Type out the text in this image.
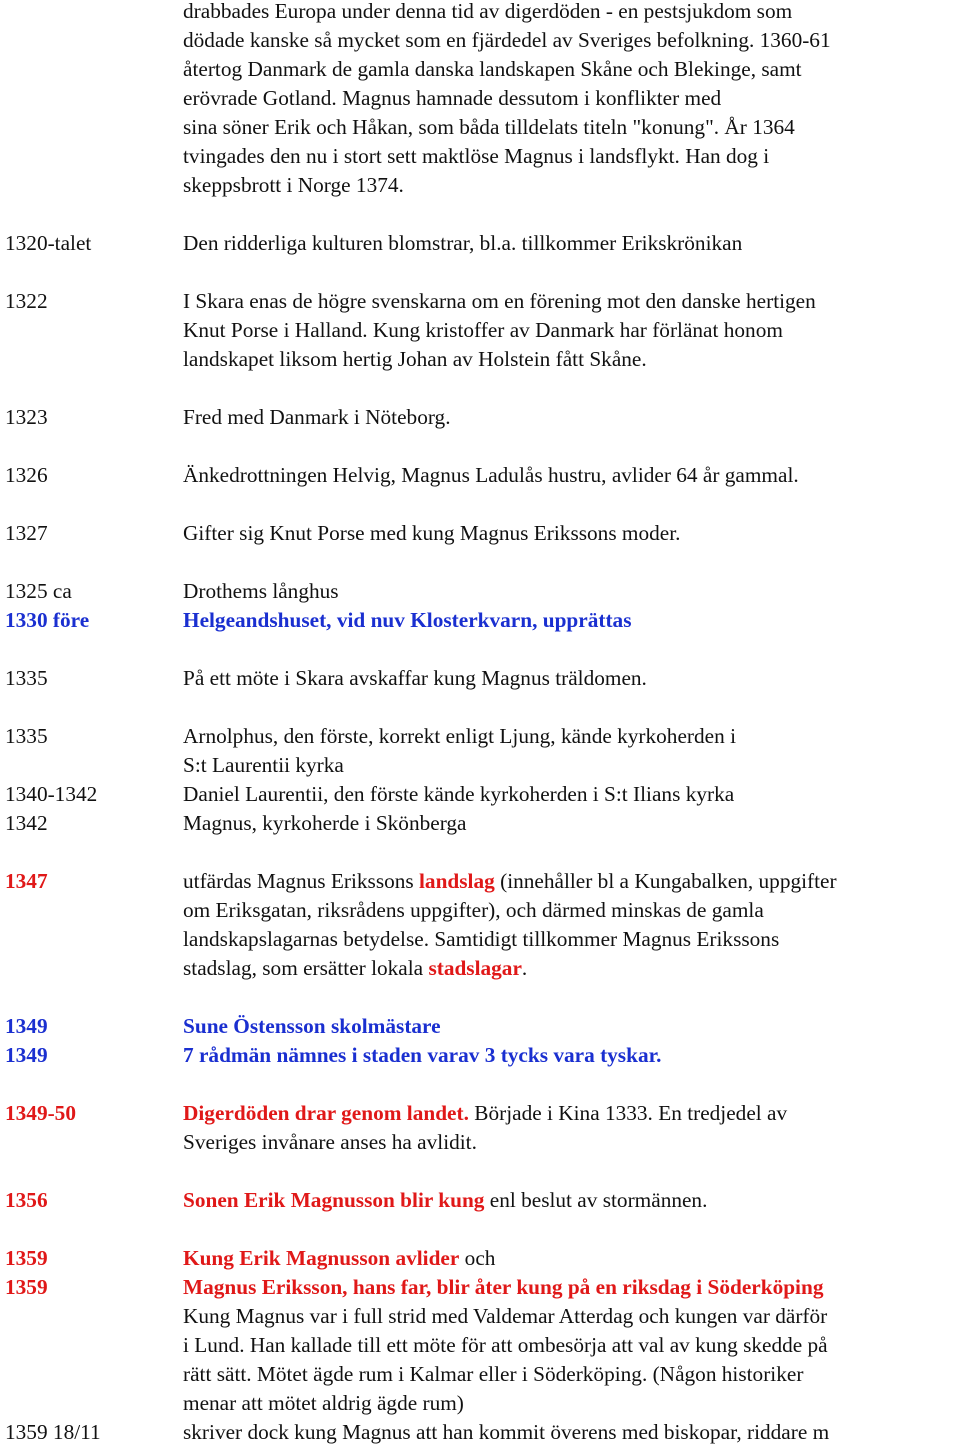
drabbades Europa under denna tid av digerdöden - en pestsjukdom som
dödade kanske så mycket som en fjärdedel av Sveriges befolkning. 1360-61
återtog Danmark de gamla danska landskapen Skåne och Blekinge, samt
erövrade Gotland. Magnus hamnade dessutom i konflikter med
sina söner Erik och Håkan, som båda tilldelats titeln "konung". År 1364
tvingades den nu i stort sett maktlöse Magnus i landsflykt. Han dog i
skeppsbrott i Norge 1374.
1320-talet	Den ridderliga kulturen blomstrar, bl.a. tillkommer Erikskrönikan
1322	I Skara enas de högre svenskarna om en förening mot den danske hertigen
Knut Porse i Halland. Kung kristoffer av Danmark har förlänat honom
landskapet liksom hertig Johan av Holstein fått Skåne.
1323	Fred med Danmark i Nöteborg.
1326	Änkedrottningen Helvig, Magnus Ladulås hustru, avlider 64 år gammal.
1327	Gifter sig Knut Porse med kung Magnus Erikssons moder.
1325 ca	Drothems långhus
1330 före	Helgeandshuset, vid nuv Klosterkvarn, upprättas
1335	På ett möte i Skara avskaffar kung Magnus träldomen.
1335	Arnolphus, den förste, korrekt enligt Ljung, kände kyrkoherden i
S:t Laurentii kyrka
1340-1342	Daniel Laurentii, den förste kände kyrkoherden i S:t Ilians kyrka
1342	Magnus, kyrkoherde i Skönberga
1347	utfärdas Magnus Erikssons landslag (innehåller bl a Kungabalken, uppgifter
om Eriksgatan, riksrådens uppgifter), och därmed minskas de gamla
landskapslagarnas betydelse. Samtidigt tillkommer Magnus Erikssons
stadslag, som ersätter lokala stadslagar.
1349	Sune Östensson skolmästare
1349	7 rådmän nämnes i staden varav 3 tycks vara tyskar.
1349-50	Digerdöden drar genom landet. Började i Kina 1333. En tredjedel av
Sveriges invånare anses ha avlidit.
1356	Sonen Erik Magnusson blir kung enl beslut av stormännen.
1359	Kung Erik Magnusson avlider och
1359	Magnus Eriksson, hans far, blir åter kung på en riksdag i Söderköping
Kung Magnus var i full strid med Valdemar Atterdag och kungen var därför
i Lund. Han kallade till ett möte för att ombesörja att val av kung skedde på
rätt sätt. Mötet ägde rum i Kalmar eller i Söderköping. (Någon historiker
menar att mötet aldrig ägde rum)
1359 18/11	skriver dock kung Magnus att han kommit överens med biskopar, riddare m
